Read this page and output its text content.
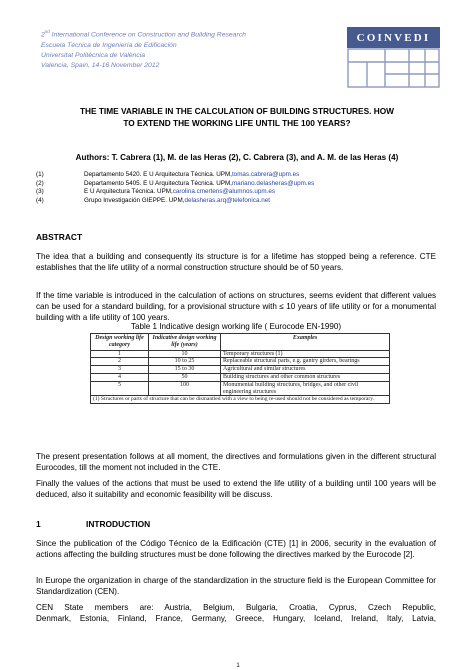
2nd International Conference on Construction and Building Research
Escuela Técnica de Ingeniería de Edificación
Universitat Politècnica de València
Valencia, Spain, 14-16 November 2012
COINVEDI
THE TIME VARIABLE IN THE CALCULATION OF BUILDING STRUCTURES. HOW
TO EXTEND THE WORKING LIFE UNTIL THE 100 YEARS?
Authors: T. Cabrera (1), M. de las Heras (2), C. Cabrera (3), and A. M. de las Heras (4)
(1)	Departamento 5420. E U Arquitectura Técnica. UPM, tomas.cabrera@upm.es
(2)	Departamento 5405. E U Arquitectura Técnica. UPM, mariano.delasheras@upm.es
(3)	E U Arquitectura Técnica. UPM, carolina.cmertens@alumnos.upm.es
(4)	Grupo Investigación GIEPPE. UPM, delasheras.arq@telefonica.net
ABSTRACT
The idea that a building and consequently its structure is for a lifetime has stopped being a reference. CTE establishes that the life utility of a normal construction structure should be of 50 years.
If the time variable is introduced in the calculation of actions on structures, seems evident that different values can be used for a standard building, for a provisional structure with ≤ 10 years of life utility or for a monumental building with a life utility of 100 years.
Table 1 Indicative design working life ( Eurocode EN-1990)
Design working life category	Indicative design working life (years)	Examples
1	10	Temporary structures (1)
2	10 to 25	Replaceable structural parts, e.g. gantry girders, bearings
3	15 to 30	Agricultural and similar structures
4	50	Building structures and other common structures
5	100	Monumental building structures, bridges, and other civil engineering structures
(1) Structures or parts of structure that can be dismantled with a view to being re-used should not be considered as temporary.		
The present presentation follows at all moment, the directives and formulations given in the different structural Eurocodes, till the moment not included in the CTE.
Finally the values of the actions that must be used to extend the life utility of a building until 100 years will be deduced, also it suitability and economic feasibility will be discuss.
1	INTRODUCTION
Since the publication of the Código Técnico de la Edificación (CTE) [1] in 2006, security in the evaluation of actions affecting the building structures must be done following the directives marked by the Eurocode [2].
In Europe the organization in charge of the standardization in the structure field is the European Committee for Standardization (CEN).
CEN State members are: Austria, Belgium, Bulgaria, Croatia, Cyprus, Czech Republic,
Denmark, Estonia, Finland, France, Germany, Greece, Hungary, Iceland, Ireland, Italy, Latvia,
1
